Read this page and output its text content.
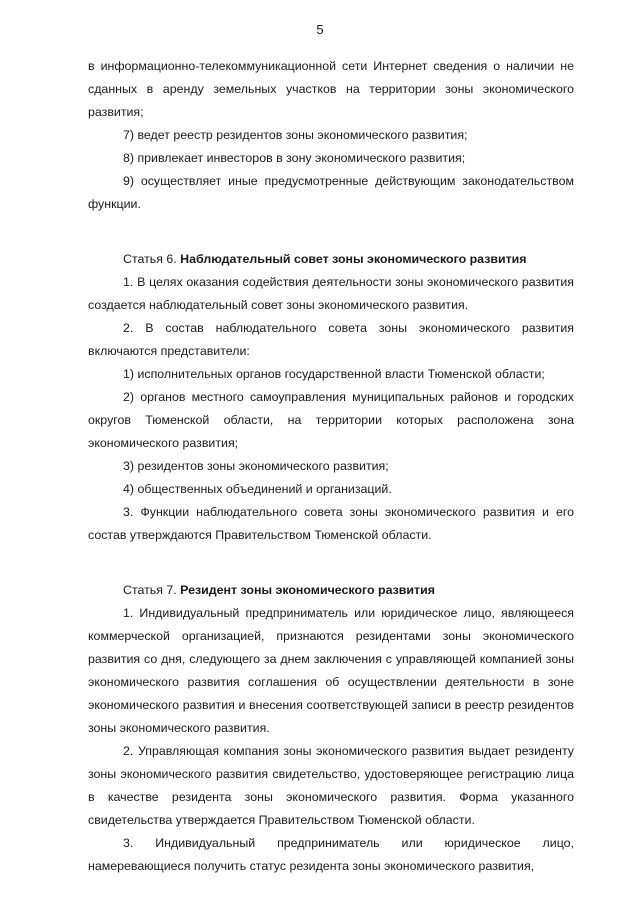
5

в информационно-телекоммуникационной сети Интернет сведения о наличии не сданных в аренду земельных участков на территории зоны экономического развития;

7) ведет реестр резидентов зоны экономического развития;

8) привлекает инвесторов в зону экономического развития;

9) осуществляет иные предусмотренные действующим законодательством функции.

Статья 6. Наблюдательный совет зоны экономического развития

1. В целях оказания содействия деятельности зоны экономического развития создается наблюдательный совет зоны экономического развития.

2. В состав наблюдательного совета зоны экономического развития включаются представители:

1) исполнительных органов государственной власти Тюменской области;

2) органов местного самоуправления муниципальных районов и городских округов Тюменской области, на территории которых расположена зона экономического развития;

3) резидентов зоны экономического развития;

4) общественных объединений и организаций.

3. Функции наблюдательного совета зоны экономического развития и его состав утверждаются Правительством Тюменской области.

Статья 7. Резидент зоны экономического развития

1. Индивидуальный предприниматель или юридическое лицо, являющееся коммерческой организацией, признаются резидентами зоны экономического развития со дня, следующего за днем заключения с управляющей компанией зоны экономического развития соглашения об осуществлении деятельности в зоне экономического развития и внесения соответствующей записи в реестр резидентов зоны экономического развития.

2. Управляющая компания зоны экономического развития выдает резиденту зоны экономического развития свидетельство, удостоверяющее регистрацию лица в качестве резидента зоны экономического развития. Форма указанного свидетельства утверждается Правительством Тюменской области.

3. Индивидуальный предприниматель или юридическое лицо, намеревающиеся получить статус резидента зоны экономического развития,
